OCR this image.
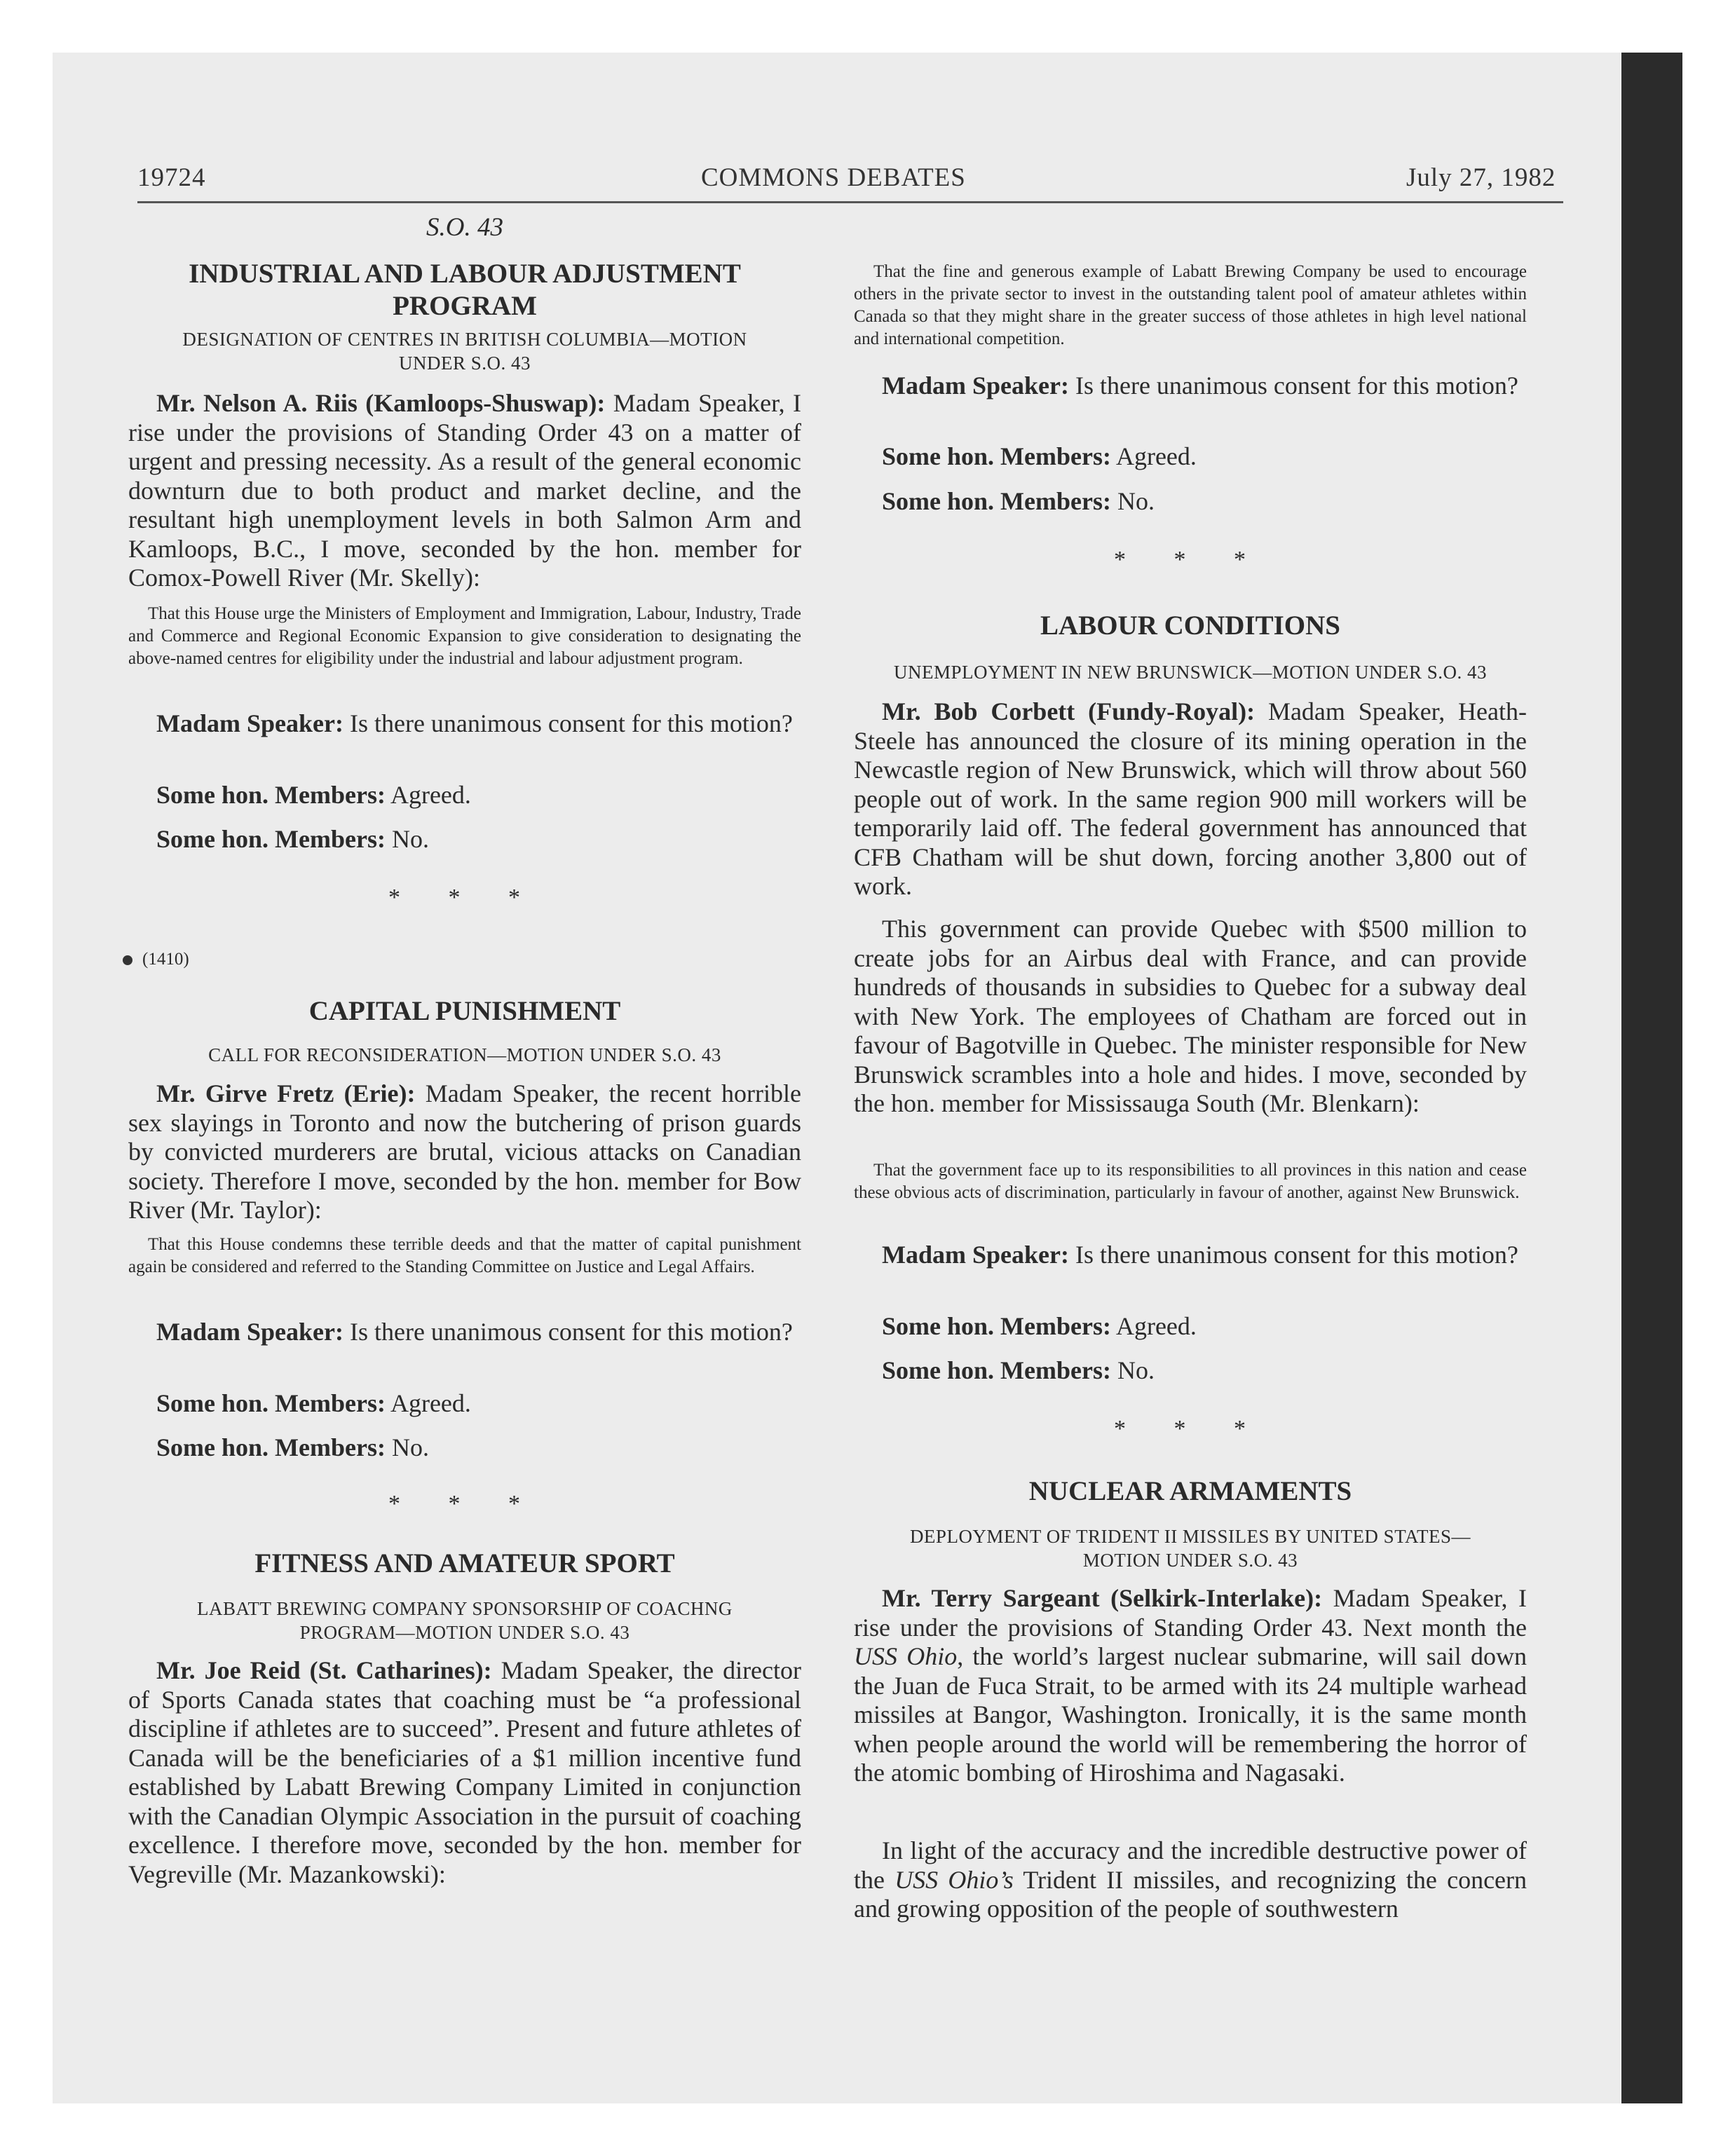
19724	COMMONS DEBATES	July 27, 1982
S.O. 43
INDUSTRIAL AND LABOUR ADJUSTMENT PROGRAM
DESIGNATION OF CENTRES IN BRITISH COLUMBIA—MOTION UNDER S.O. 43
Mr. Nelson A. Riis (Kamloops-Shuswap): Madam Speaker, I rise under the provisions of Standing Order 43 on a matter of urgent and pressing necessity. As a result of the general economic downturn due to both product and market decline, and the resultant high unemployment levels in both Salmon Arm and Kamloops, B.C., I move, seconded by the hon. member for Comox-Powell River (Mr. Skelly):
That this House urge the Ministers of Employment and Immigration, Labour, Industry, Trade and Commerce and Regional Economic Expansion to give consideration to designating the above-named centres for eligibility under the industrial and labour adjustment program.
Madam Speaker: Is there unanimous consent for this motion?
Some hon. Members: Agreed.
Some hon. Members: No.
* * *
(1410)
CAPITAL PUNISHMENT
CALL FOR RECONSIDERATION—MOTION UNDER S.O. 43
Mr. Girve Fretz (Erie): Madam Speaker, the recent horrible sex slayings in Toronto and now the butchering of prison guards by convicted murderers are brutal, vicious attacks on Canadian society. Therefore I move, seconded by the hon. member for Bow River (Mr. Taylor):
That this House condemns these terrible deeds and that the matter of capital punishment again be considered and referred to the Standing Committee on Justice and Legal Affairs.
Madam Speaker: Is there unanimous consent for this motion?
Some hon. Members: Agreed.
Some hon. Members: No.
* * *
FITNESS AND AMATEUR SPORT
LABATT BREWING COMPANY SPONSORSHIP OF COACHNG PROGRAM—MOTION UNDER S.O. 43
Mr. Joe Reid (St. Catharines): Madam Speaker, the director of Sports Canada states that coaching must be “a professional discipline if athletes are to succeed”. Present and future athletes of Canada will be the beneficiaries of a $1 million incentive fund established by Labatt Brewing Company Limited in conjunction with the Canadian Olympic Association in the pursuit of coaching excellence. I therefore move, seconded by the hon. member for Vegreville (Mr. Mazankowski):
That the fine and generous example of Labatt Brewing Company be used to encourage others in the private sector to invest in the outstanding talent pool of amateur athletes within Canada so that they might share in the greater success of those athletes in high level national and international competition.
Madam Speaker: Is there unanimous consent for this motion?
Some hon. Members: Agreed.
Some hon. Members: No.
* * *
LABOUR CONDITIONS
UNEMPLOYMENT IN NEW BRUNSWICK—MOTION UNDER S.O. 43
Mr. Bob Corbett (Fundy-Royal): Madam Speaker, Heath-Steele has announced the closure of its mining operation in the Newcastle region of New Brunswick, which will throw about 560 people out of work. In the same region 900 mill workers will be temporarily laid off. The federal government has announced that CFB Chatham will be shut down, forcing another 3,800 out of work.
This government can provide Quebec with $500 million to create jobs for an Airbus deal with France, and can provide hundreds of thousands in subsidies to Quebec for a subway deal with New York. The employees of Chatham are forced out in favour of Bagotville in Quebec. The minister responsible for New Brunswick scrambles into a hole and hides. I move, seconded by the hon. member for Mississauga South (Mr. Blenkarn):
That the government face up to its responsibilities to all provinces in this nation and cease these obvious acts of discrimination, particularly in favour of another, against New Brunswick.
Madam Speaker: Is there unanimous consent for this motion?
Some hon. Members: Agreed.
Some hon. Members: No.
* * *
NUCLEAR ARMAMENTS
DEPLOYMENT OF TRIDENT II MISSILES BY UNITED STATES—MOTION UNDER S.O. 43
Mr. Terry Sargeant (Selkirk-Interlake): Madam Speaker, I rise under the provisions of Standing Order 43. Next month the USS Ohio, the world’s largest nuclear submarine, will sail down the Juan de Fuca Strait, to be armed with its 24 multiple warhead missiles at Bangor, Washington. Ironically, it is the same month when people around the world will be remembering the horror of the atomic bombing of Hiroshima and Nagasaki.
In light of the accuracy and the incredible destructive power of the USS Ohio’s Trident II missiles, and recognizing the concern and growing opposition of the people of southwestern
